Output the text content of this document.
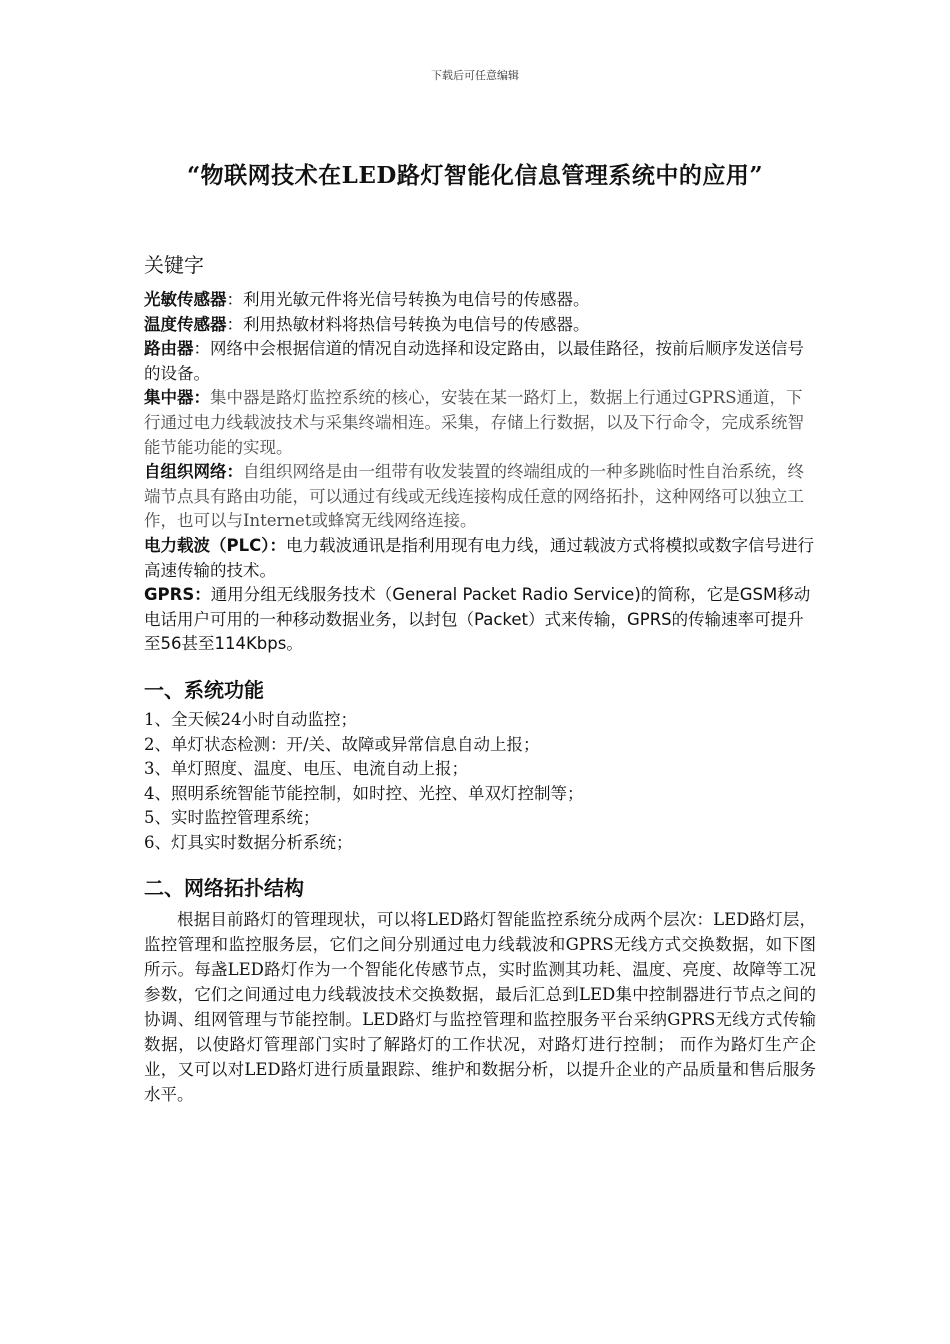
下载后可任意编辑
“物联网技术在LED路灯智能化信息管理系统中的应用”
关键字

光敏传感器：利用光敏元件将光信号转换为电信号的传感器。

温度传感器：利用热敏材料将热信号转换为电信号的传感器。

路由器：网络中会根据信道的情况自动选择和设定路由，以最佳路径，按前后顺序发送信号的设备。

集中器：集中器是路灯监控系统的核心，安装在某一路灯上，数据上行通过GPRS通道，下行通过电力线载波技术与采集终端相连。采集，存储上行数据，以及下行命令，完成系统智能节能功能的实现。

自组织网络：自组织网络是由一组带有收发装置的终端组成的一种多跳临时性自治系统，终端节点具有路由功能，可以通过有线或无线连接构成任意的网络拓扑，这种网络可以独立工作，也可以与Internet或蜂窝无线网络连接。

电力载波（PLC）：电力载波通讯是指利用现有电力线，通过载波方式将模拟或数字信号进行高速传输的技术。

GPRS：通用分组无线服务技术（General Packet Radio Service)的简称，它是GSM移动电话用户可用的一种移动数据业务，以封包（Packet）式来传输，GPRS的传输速率可提升至56甚至114Kbps。

一、系统功能

1、全天候24小时自动监控；

2、单灯状态检测：开/关、故障或异常信息自动上报；

3、单灯照度、温度、电压、电流自动上报；

4、照明系统智能节能控制，如时控、光控、单双灯控制等；

5、实时监控管理系统；

6、灯具实时数据分析系统；

二、网络拓扑结构

根据目前路灯的管理现状，可以将LED路灯智能监控系统分成两个层次：LED路灯层，监控管理和监控服务层，它们之间分别通过电力线载波和GPRS无线方式交换数据，如下图所示。每盏LED路灯作为一个智能化传感节点，实时监测其功耗、温度、亮度、故障等工况参数，它们之间通过电力线载波技术交换数据，最后汇总到LED集中控制器进行节点之间的协调、组网管理与节能控制。LED路灯与监控管理和监控服务平台采纳GPRS无线方式传输数据，以使路灯管理部门实时了解路灯的工作状况，对路灯进行控制； 而作为路灯生产企业，又可以对LED路灯进行质量跟踪、维护和数据分析，以提升企业的产品质量和售后服务水平。
